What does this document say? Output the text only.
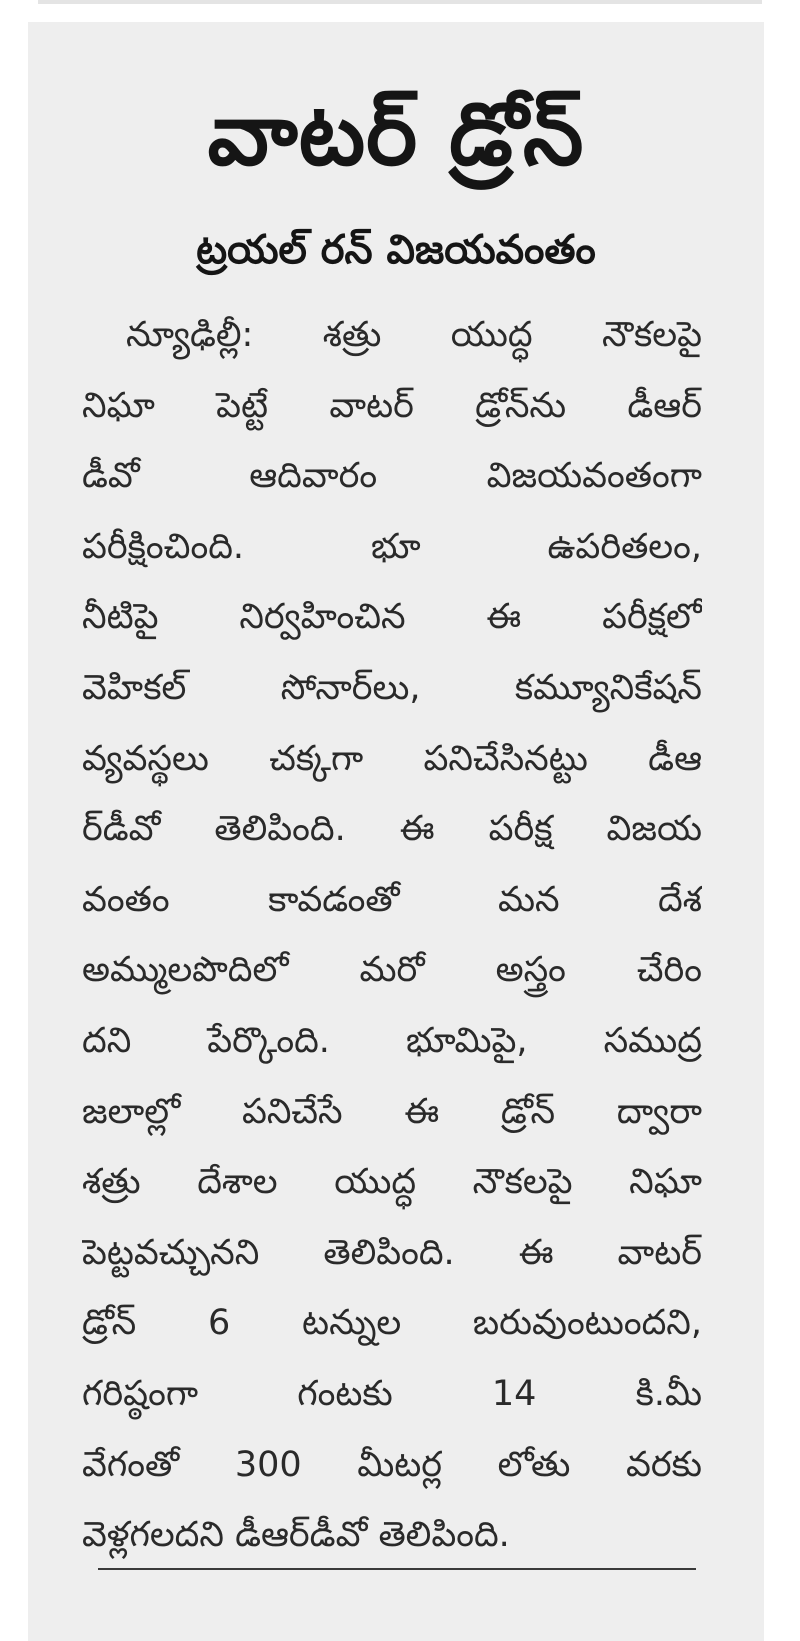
వాటర్ డ్రోన్
ట్రయల్ రన్ విజయవంతం
న్యూఢిల్లీ: శత్రు యుద్ధ నౌకలపై
నిఘా పెట్టే వాటర్ డ్రోన్‌ను డీఆర్
డీవో ఆదివారం విజయవంతంగా
పరీక్షించింది. భూ ఉపరితలం,
నీటిపై నిర్వహించిన ఈ పరీక్షలో
వెహికల్ సోనార్‌లు, కమ్యూనికేషన్
వ్యవస్థలు చక్కగా పనిచేసినట్టు డీఆ
ర్‌డీవో తెలిపింది. ఈ పరీక్ష విజయ
వంతం కావడంతో మన దేశ
అమ్ములపొదిలో మరో అస్త్రం చేరిం
దని పేర్కొంది. భూమిపై, సముద్ర
జలాల్లో పనిచేసే ఈ డ్రోన్ ద్వారా
శత్రు దేశాల యుద్ధ నౌకలపై నిఘా
పెట్టవచ్చునని తెలిపింది. ఈ వాటర్
డ్రోన్ 6 టన్నుల బరువుంటుందని,
గరిష్ఠంగా గంటకు 14 కి.మీ
వేగంతో 300 మీటర్ల లోతు వరకు
వెళ్లగలదని డీఆర్‌డీవో తెలిపింది.
